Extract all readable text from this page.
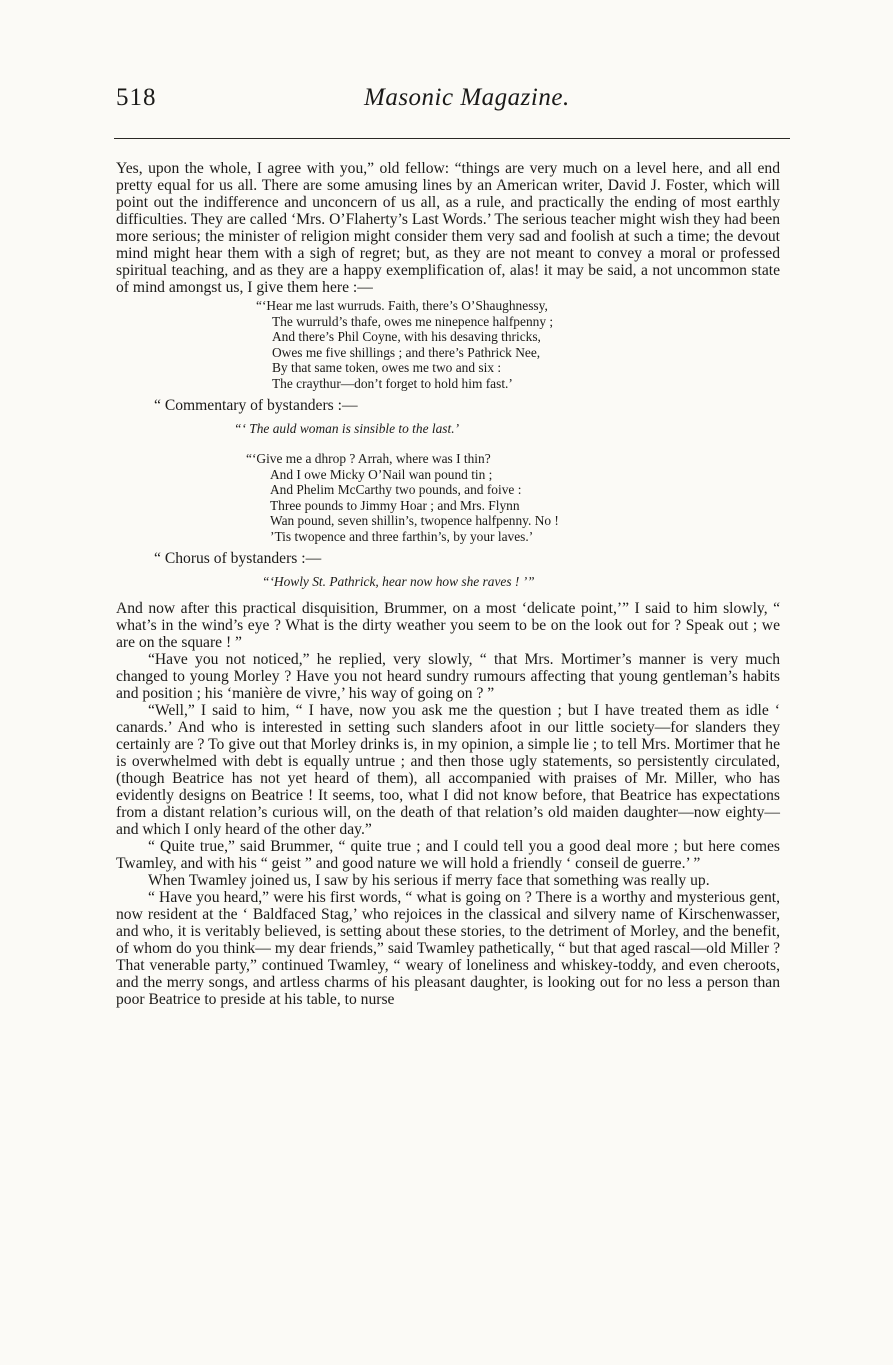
518	Masonic Magazine.

Yes, upon the whole, I agree with you,” old fellow: “things are very much on a level here, and all end pretty equal for us all. There are some amusing lines by an American writer, David J. Foster, which will point out the indifference and unconcern of us all, as a rule, and practically the ending of most earthly difficulties. They are called ‘Mrs. O’Flaherty’s Last Words.’ The serious teacher might wish they had been more serious; the minister of religion might consider them very sad and foolish at such a time; the devout mind might hear them with a sigh of regret; but, as they are not meant to convey a moral or professed spiritual teaching, and as they are a happy exemplification of, alas! it may be said, a not uncommon state of mind amongst us, I give them here :—

“‘Hear me last wurruds. Faith, there’s O’Shaughnessy,
The wurruld’s thafe, owes me ninepence halfpenny ;
And there’s Phil Coyne, with his desaving thricks,
Owes me five shillings ; and there’s Pathrick Nee,
By that same token, owes me two and six :
The craythur—don’t forget to hold him fast.’
“ Commentary of bystanders :—
“‘ The auld woman is sinsible to the last.’
“‘Give me a dhrop ? Arrah, where was I thin?
And I owe Micky O’Nail wan pound tin ;
And Phelim McCarthy two pounds, and foive :
Three pounds to Jimmy Hoar ; and Mrs. Flynn
Wan pound, seven shillin’s, twopence halfpenny. No !
’Tis twopence and three farthin’s, by your laves.’
“ Chorus of bystanders :—
“‘Howly St. Pathrick, hear now how she raves ! ’”

And now after this practical disquisition, Brummer, on a most ‘delicate point,’” I said to him slowly, “ what’s in the wind’s eye ? What is the dirty weather you seem to be on the look out for ? Speak out ; we are on the square ! ”

“Have you not noticed,” he replied, very slowly, “ that Mrs. Mortimer’s manner is very much changed to young Morley ? Have you not heard sundry rumours affecting that young gentleman’s habits and position ; his ‘manière de vivre,’ his way of going on ? ”

“Well,” I said to him, “ I have, now you ask me the question ; but I have treated them as idle ‘ canards.’ And who is interested in setting such slanders afoot in our little society—for slanders they certainly are ? To give out that Morley drinks is, in my opinion, a simple lie ; to tell Mrs. Mortimer that he is overwhelmed with debt is equally untrue ; and then those ugly statements, so persistently circulated, (though Beatrice has not yet heard of them), all accompanied with praises of Mr. Miller, who has evidently designs on Beatrice ! It seems, too, what I did not know before, that Beatrice has expectations from a distant relation’s curious will, on the death of that relation’s old maiden daughter—now eighty—and which I only heard of the other day.”

“ Quite true,” said Brummer, “ quite true ; and I could tell you a good deal more ; but here comes Twamley, and with his “ geist ” and good nature we will hold a friendly ‘ conseil de guerre.’ ”

When Twamley joined us, I saw by his serious if merry face that something was really up.

“ Have you heard,” were his first words, “ what is going on ? There is a worthy and mysterious gent, now resident at the ‘ Baldfaced Stag,’ who rejoices in the classical and silvery name of Kirschenwasser, and who, it is veritably believed, is setting about these stories, to the detriment of Morley, and the benefit, of whom do you think— my dear friends,” said Twamley pathetically, “ but that aged rascal—old Miller ? That venerable party,” continued Twamley, “ weary of loneliness and whiskey-toddy, and even cheroots, and the merry songs, and artless charms of his pleasant daughter, is looking out for no less a person than poor Beatrice to preside at his table, to nurse
